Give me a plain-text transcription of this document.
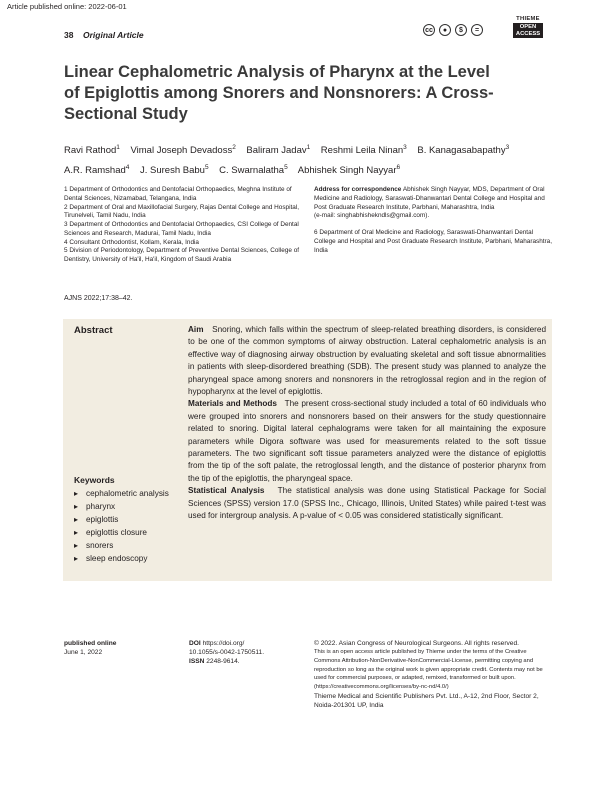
Article published online: 2022-06-01
38 Original Article	cc	●	$	=
THIEME
OPEN
ACCESS
Linear Cephalometric Analysis of Pharynx at the Level of Epiglottis among Snorers and Nonsnorers: A Cross-Sectional Study
Ravi Rathod$^1$ Vimal Joseph Devadoss$^2$ Baliram Jadav$^1$ Reshmi Leila Ninan$^3$ B. Kanagasabapathy$^3$
A.R. Ramshad$^4$ J. Suresh Babu$^5$ C. Swarnalatha$^5$ Abhishek Singh Nayyar$^6$

1 Department of Orthodontics and Dentofacial Orthopaedics, Meghna Institute of Dental Sciences, Nizamabad, Telangana, India

2 Department of Oral and Maxillofacial Surgery, Rajas Dental College and Hospital, Tirunelveli, Tamil Nadu, India

3 Department of Orthodontics and Dentofacial Orthopaedics, CSI College of Dental Sciences and Research, Madurai, Tamil Nadu, India

4 Consultant Orthodontist, Kollam, Kerala, India

5 Division of Periodontology, Department of Preventive Dental Sciences, College of Dentistry, University of Ha'il, Ha'il, Kingdom of Saudi Arabia

Address for correspondence Abhishek Singh Nayyar, MDS, Department of Oral Medicine and Radiology, Saraswati-Dhanwantari Dental College and Hospital and Post Graduate Research Institute, Parbhani, Maharashtra, India

(e-mail: singhabhishekndls@gmail.com).

6 Department of Oral Medicine and Radiology, Saraswati-Dhanwantari Dental College and Hospital and Post Graduate Research Institute, Parbhani, Maharashtra, India

AJNS 2022;17:38–42.
Abstract	Aim Snoring, which falls within the spectrum of sleep-related breathing disorders, is considered to be one of the common symptoms of airway obstruction. Lateral cephalometric analysis is an effective way of diagnosing airway obstruction by evaluating skeletal and soft tissue abnormalities in patients with sleep-disordered breathing (SDB). The present study was planned to analyze the pharyngeal space among snorers and nonsnorers in the retroglossal region and in the region of hypopharynx at the level of epiglottis.

Materials and Methods The present cross-sectional study included a total of 60 individuals who were grouped into snorers and nonsnorers based on their answers for the study questionnaire related to snoring. Digital lateral cephalograms were taken for all maintaining the exposure parameters while Digora software was used for measurements related to the soft tissue parameters. The two significant soft tissue parameters analyzed were the distance of epiglottis from the tip of the soft palate, the retroglossal length, and the distance of posterior pharynx from the tip of the epiglottis, the pharyngeal space.

Statistical Analysis The statistical analysis was done using Statistical Package for Social Sciences (SPSS) version 17.0 (SPSS Inc., Chicago, Illinois, United States) while paired t-test was used for intergroup analysis. A p-value of < 0.05 was considered statistically significant.

Keywords
▸ cephalometric analysis
▸ pharynx
▸ epiglottis
▸ epiglottis closure
▸ snorers
▸ sleep endoscopy
published online
June 1, 2022
DOI https://doi.org/
10.1055/s-0042-1750511.
ISSN 2248-9614.
© 2022. Asian Congress of Neurological Surgeons. All rights reserved.
This is an open access article published by Thieme under the terms of the Creative Commons Attribution-NonDerivative-NonCommercial-License, permitting copying and reproduction so long as the original work is given appropriate credit. Contents may not be used for commercial purposes, or adapted, remixed, transformed or built upon. (https://creativecommons.org/licenses/by-nc-nd/4.0/)
Thieme Medical and Scientific Publishers Pvt. Ltd., A-12, 2nd Floor, Sector 2, Noida-201301 UP, India
